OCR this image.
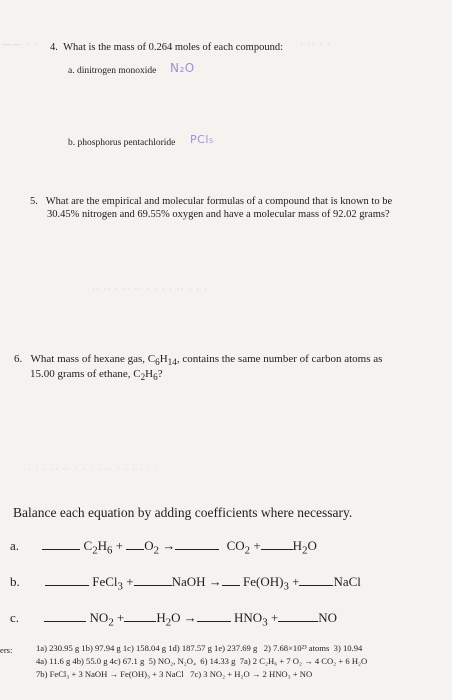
—— · ·	· ·· · ·
4. What is the mass of 0.264 moles of each compound:
a. dinitrogen monoxide N₂O
b. phosphorus pentachloride PCl₅
5. What are the empirical and molecular formulas of a compound that is known to be
30.45% nitrogen and 69.55% oxygen and have a molecular mass of 92.02 grams?
·· ·· · ·· ·· · · · · ·· · · ·
6. What mass of hexane gas, $C_6H_{14}$, contains the same number of carbon atoms as
15.00 grams of ethane, $C_2H_6$?
· · · ·· ·· · · · · ·· · · · · · ·
Balance each equation by adding coefficients where necessary.
a.	$C_2H_6 + O_2$ →	$CO_2 + H_2O$
b.	FeCl$_3$ +	NaOH → $Fe(OH)_3$ +	NaCl
c.	$NO_2 + H_2O$ →	$HNO_3$ +	NO
ers:	1a) 230.95 g 1b) 97.94 g 1c) 158.04 g 1d) 187.57 g 1e) 237.69 g 2) 7.68×10²³ atoms 3) 10.94
4a) 11.6 g 4b) 55.0 g 4c) 67.1 g 5) NO₂, N₂O₄ 6) 14.33 g 7a) 2 C₂H₆ + 7 O₂ → 4 CO₂ + 6 H₂O
7b) FeCl₃ + 3 NaOH → Fe(OH)₃ + 3 NaCl 7c) 3 NO₂ + H₂O → 2 HNO₃ + NO
